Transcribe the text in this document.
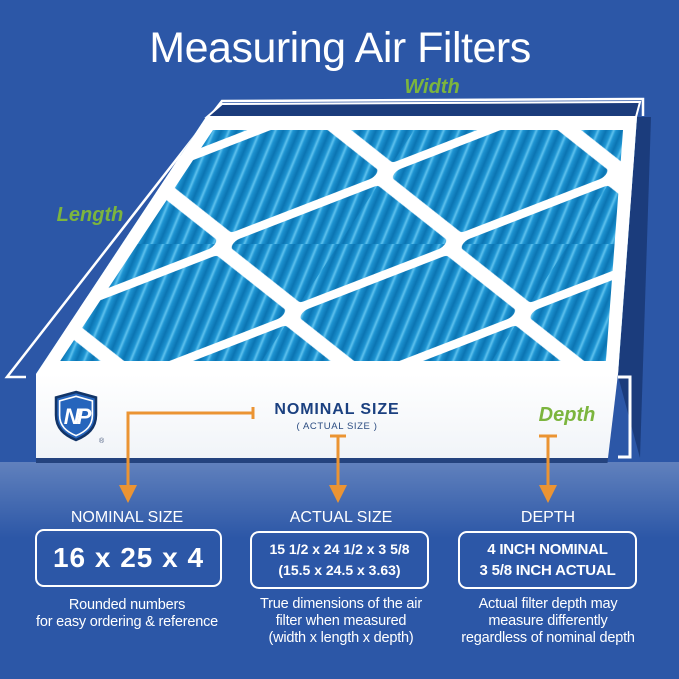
NP
®
Measuring Air Filters
Width
Length
Depth
NOMINAL SIZE
( ACTUAL SIZE )
NOMINAL SIZE
16 x 25 x 4
Rounded numbers
for easy ordering & reference
ACTUAL SIZE
15 1/2 x 24 1/2 x 3 5/8
(15.5 x 24.5 x 3.63)
True dimensions of the air
filter when measured
(width x length x depth)
DEPTH
4 INCH NOMINAL
3 5/8 INCH ACTUAL
Actual filter depth may
measure differently
regardless of nominal depth
